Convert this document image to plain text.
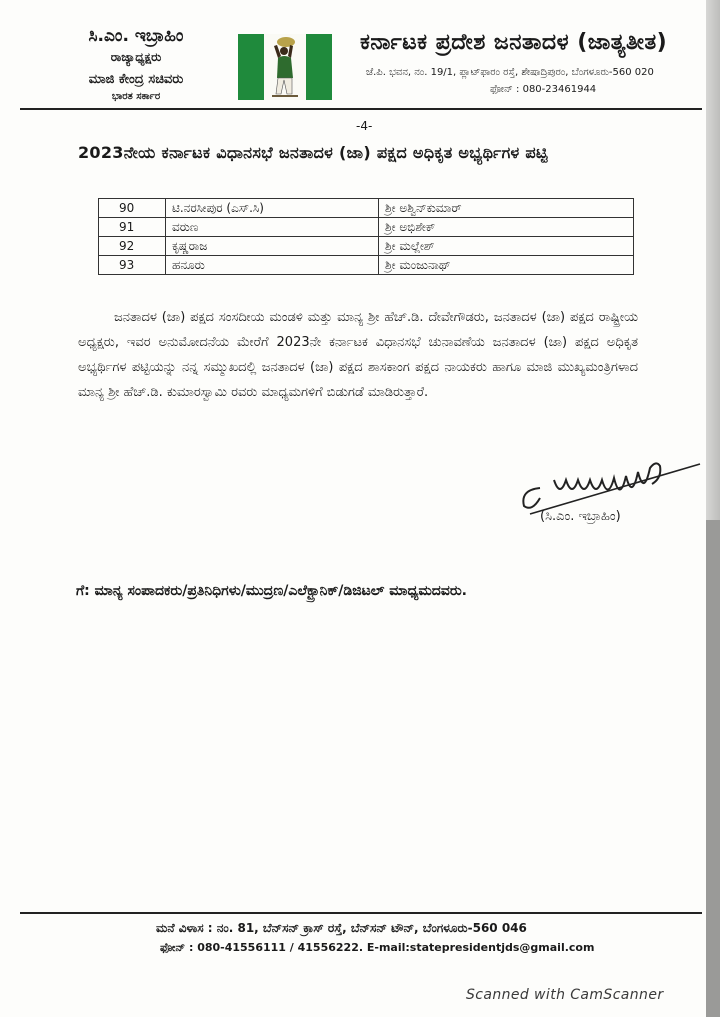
ಸಿ.ಎಂ. ಇಬ್ರಾಹಿಂ
ರಾಜ್ಯಾಧ್ಯಕ್ಷರು
ಮಾಜಿ ಕೇಂದ್ರ ಸಚಿವರು
ಭಾರತ ಸರ್ಕಾರ
ಕರ್ನಾಟಕ ಪ್ರದೇಶ ಜನತಾದಳ (ಜಾತ್ಯತೀತ)
ಜೆ.ಪಿ. ಭವನ, ನಂ. 19/1, ಪ್ಲಾಟ್‌ಫಾರಂ ರಸ್ತೆ, ಶೇಷಾದ್ರಿಪುರಂ, ಬೆಂಗಳೂರು-560 020
ಫೋನ್ : 080-23461944
-4-
2023ನೇಯ ಕರ್ನಾಟಕ ವಿಧಾನಸಭೆ ಜನತಾದಳ (ಜಾ) ಪಕ್ಷದ ಅಧಿಕೃತ ಅಭ್ಯರ್ಥಿಗಳ ಪಟ್ಟಿ
90	ಟಿ.ನರಸೀಪುರ (ಎಸ್.ಸಿ)	ಶ್ರೀ ಅಶ್ವಿನ್‌ಕುಮಾರ್
91	ವರುಣ	ಶ್ರೀ ಅಭಿಶೇಕ್
92	ಕೃಷ್ಣರಾಜ	ಶ್ರೀ ಮಲ್ಲೇಶ್
93	ಹನೂರು	ಶ್ರೀ ಮಂಜುನಾಥ್

ಜನತಾದಳ (ಜಾ) ಪಕ್ಷದ ಸಂಸದೀಯ ಮಂಡಳಿ ಮತ್ತು ಮಾನ್ಯ ಶ್ರೀ ಹೆಚ್.ಡಿ. ದೇವೇಗೌಡರು, ಜನತಾದಳ (ಜಾ) ಪಕ್ಷದ ರಾಷ್ಟ್ರೀಯ ಅಧ್ಯಕ್ಷರು, ಇವರ ಅನುಮೋದನೆಯ ಮೇರೆಗೆ 2023ನೇ ಕರ್ನಾಟಕ ವಿಧಾನಸಭೆ ಚುನಾವಣೆಯ ಜನತಾದಳ (ಜಾ) ಪಕ್ಷದ ಅಧಿಕೃತ ಅಭ್ಯರ್ಥಿಗಳ ಪಟ್ಟಿಯನ್ನು ನನ್ನ ಸಮ್ಮುಖದಲ್ಲಿ ಜನತಾದಳ (ಜಾ) ಪಕ್ಷದ ಶಾಸಕಾಂಗ ಪಕ್ಷದ ನಾಯಕರು ಹಾಗೂ ಮಾಜಿ ಮುಖ್ಯಮಂತ್ರಿಗಳಾದ ಮಾನ್ಯ ಶ್ರೀ ಹೆಚ್.ಡಿ. ಕುಮಾರಸ್ವಾಮಿ ರವರು ಮಾಧ್ಯಮಗಳಿಗೆ ಬಿಡುಗಡೆ ಮಾಡಿರುತ್ತಾರೆ.

(ಸಿ.ಎಂ. ಇಬ್ರಾಹಿಂ)
ಗೆ: ಮಾನ್ಯ ಸಂಪಾದಕರು/ಪ್ರತಿನಿಧಿಗಳು/ಮುದ್ರಣ/ಎಲೆಕ್ಟ್ರಾನಿಕ್/ಡಿಜಿಟಲ್ ಮಾಧ್ಯಮದವರು.
ಮನೆ ವಿಳಾಸ : ನಂ. 81, ಬೆನ್‌ಸನ್ ಕ್ರಾಸ್ ರಸ್ತೆ, ಬೆನ್‌ಸನ್ ಟೌನ್, ಬೆಂಗಳೂರು-560 046
ಫೋನ್ : 080-41556111 / 41556222. E-mail:statepresidentjds@gmail.com
Scanned with CamScanner
